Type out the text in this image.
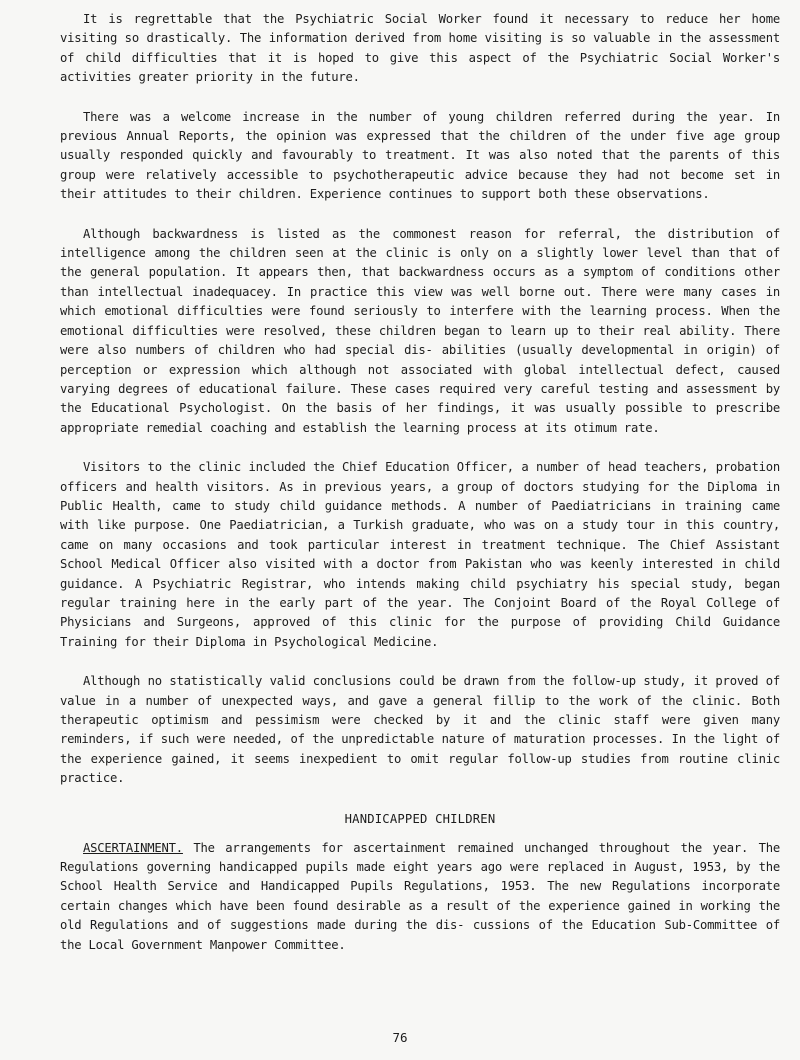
It is regrettable that the Psychiatric Social Worker found it necessary to reduce her home visiting so drastically. The information derived from home visiting is so valuable in the assessment of child difficulties that it is hoped to give this aspect of the Psychiatric Social Worker's activities greater priority in the future.

There was a welcome increase in the number of young children referred during the year. In previous Annual Reports, the opinion was expressed that the children of the under five age group usually responded quickly and favourably to treatment. It was also noted that the parents of this group were relatively accessible to psychotherapeutic advice because they had not become set in their attitudes to their children. Experience continues to support both these observations.

Although backwardness is listed as the commonest reason for referral, the distribution of intelligence among the children seen at the clinic is only on a slightly lower level than that of the general population. It appears then, that backwardness occurs as a symptom of conditions other than intellectual inadequacey. In practice this view was well borne out. There were many cases in which emotional difficulties were found seriously to interfere with the learning process. When the emotional difficulties were resolved, these children began to learn up to their real ability. There were also numbers of children who had special dis- abilities (usually developmental in origin) of perception or expression which although not associated with global intellectual defect, caused varying degrees of educational failure. These cases required very careful testing and assessment by the Educational Psychologist. On the basis of her findings, it was usually possible to prescribe appropriate remedial coaching and establish the learning process at its otimum rate.

Visitors to the clinic included the Chief Education Officer, a number of head teachers, probation officers and health visitors. As in previous years, a group of doctors studying for the Diploma in Public Health, came to study child guidance methods. A number of Paediatricians in training came with like purpose. One Paediatrician, a Turkish graduate, who was on a study tour in this country, came on many occasions and took particular interest in treatment technique. The Chief Assistant School Medical Officer also visited with a doctor from Pakistan who was keenly interested in child guidance. A Psychiatric Registrar, who intends making child psychiatry his special study, began regular training here in the early part of the year. The Conjoint Board of the Royal College of Physicians and Surgeons, approved of this clinic for the purpose of providing Child Guidance Training for their Diploma in Psychological Medicine.

Although no statistically valid conclusions could be drawn from the follow-up study, it proved of value in a number of unexpected ways, and gave a general fillip to the work of the clinic. Both therapeutic optimism and pessimism were checked by it and the clinic staff were given many reminders, if such were needed, of the unpredictable nature of maturation processes. In the light of the experience gained, it seems inexpedient to omit regular follow-up studies from routine clinic practice.

HANDICAPPED CHILDREN

ASCERTAINMENT. The arrangements for ascertainment remained unchanged throughout the year. The Regulations governing handicapped pupils made eight years ago were replaced in August, 1953, by the School Health Service and Handicapped Pupils Regulations, 1953. The new Regulations incorporate certain changes which have been found desirable as a result of the experience gained in working the old Regulations and of suggestions made during the dis- cussions of the Education Sub-Committee of the Local Government Manpower Committee.

76
